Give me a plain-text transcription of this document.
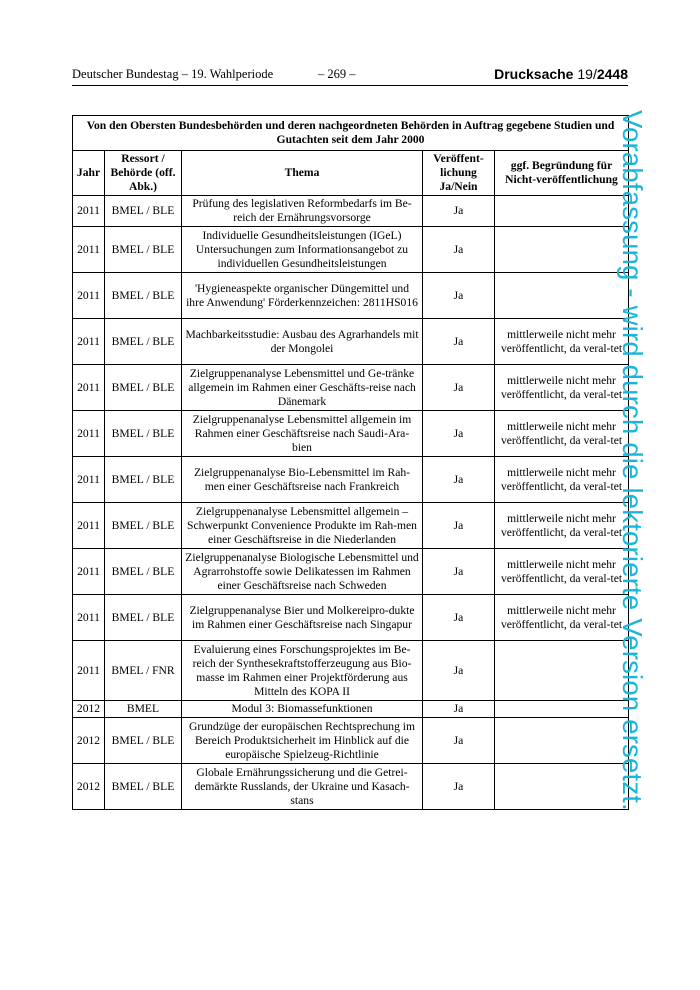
Deutscher Bundestag – 19. Wahlperiode	– 269 –	Drucksache 19/2448
Von den Obersten Bundesbehörden und deren nachgeordneten Behörden in Auftrag gegebene Studien und Gutachten seit dem Jahr 2000				
Jahr	Ressort / Behörde (off. Abk.)	Thema	Veröffent-lichung Ja/Nein	ggf. Begründung für Nicht-veröffentlichung
2011	BMEL / BLE	Prüfung des legislativen Reformbedarfs im Be-reich der Ernährungsvorsorge	Ja	
2011	BMEL / BLE	Individuelle Gesundheitsleistungen (IGeL) Untersuchungen zum Informationsangebot zu individuellen Gesundheitsleistungen	Ja	
2011	BMEL / BLE	'Hygieneaspekte organischer Düngemittel und ihre Anwendung' Förderkennzeichen: 2811HS016	Ja	
2011	BMEL / BLE	Machbarkeitsstudie: Ausbau des Agrarhandels mit der Mongolei	Ja	mittlerweile nicht mehr veröffentlicht, da veral-tet
2011	BMEL / BLE	Zielgruppenanalyse Lebensmittel und Ge-tränke allgemein im Rahmen einer Geschäfts-reise nach Dänemark	Ja	mittlerweile nicht mehr veröffentlicht, da veral-tet
2011	BMEL / BLE	Zielgruppenanalyse Lebensmittel allgemein im Rahmen einer Geschäftsreise nach Saudi-Ara-bien	Ja	mittlerweile nicht mehr veröffentlicht, da veral-tet
2011	BMEL / BLE	Zielgruppenanalyse Bio-Lebensmittel im Rah-men einer Geschäftsreise nach Frankreich	Ja	mittlerweile nicht mehr veröffentlicht, da veral-tet
2011	BMEL / BLE	Zielgruppenanalyse Lebensmittel allgemein – Schwerpunkt Convenience Produkte im Rah-men einer Geschäftsreise in die Niederlanden	Ja	mittlerweile nicht mehr veröffentlicht, da veral-tet
2011	BMEL / BLE	Zielgruppenanalyse Biologische Lebensmittel und Agrarrohstoffe sowie Delikatessen im Rahmen einer Geschäftsreise nach Schweden	Ja	mittlerweile nicht mehr veröffentlicht, da veral-tet
2011	BMEL / BLE	Zielgruppenanalyse Bier und Molkereipro-dukte im Rahmen einer Geschäftsreise nach Singapur	Ja	mittlerweile nicht mehr veröffentlicht, da veral-tet
2011	BMEL / FNR	Evaluierung eines Forschungsprojektes im Be-reich der Synthesekraftstofferzeugung aus Bio-masse im Rahmen einer Projektförderung aus Mitteln des KOPA II	Ja	
2012	BMEL	Modul 3: Biomassefunktionen	Ja	
2012	BMEL / BLE	Grundzüge der europäischen Rechtsprechung im Bereich Produktsicherheit im Hinblick auf die europäische Spielzeug-Richtlinie	Ja	
2012	BMEL / BLE	Globale Ernährungssicherung und die Getrei-demärkte Russlands, der Ukraine und Kasach-stans	Ja		Vorabfassung - wird durch die lektorierte Version ersetzt.
